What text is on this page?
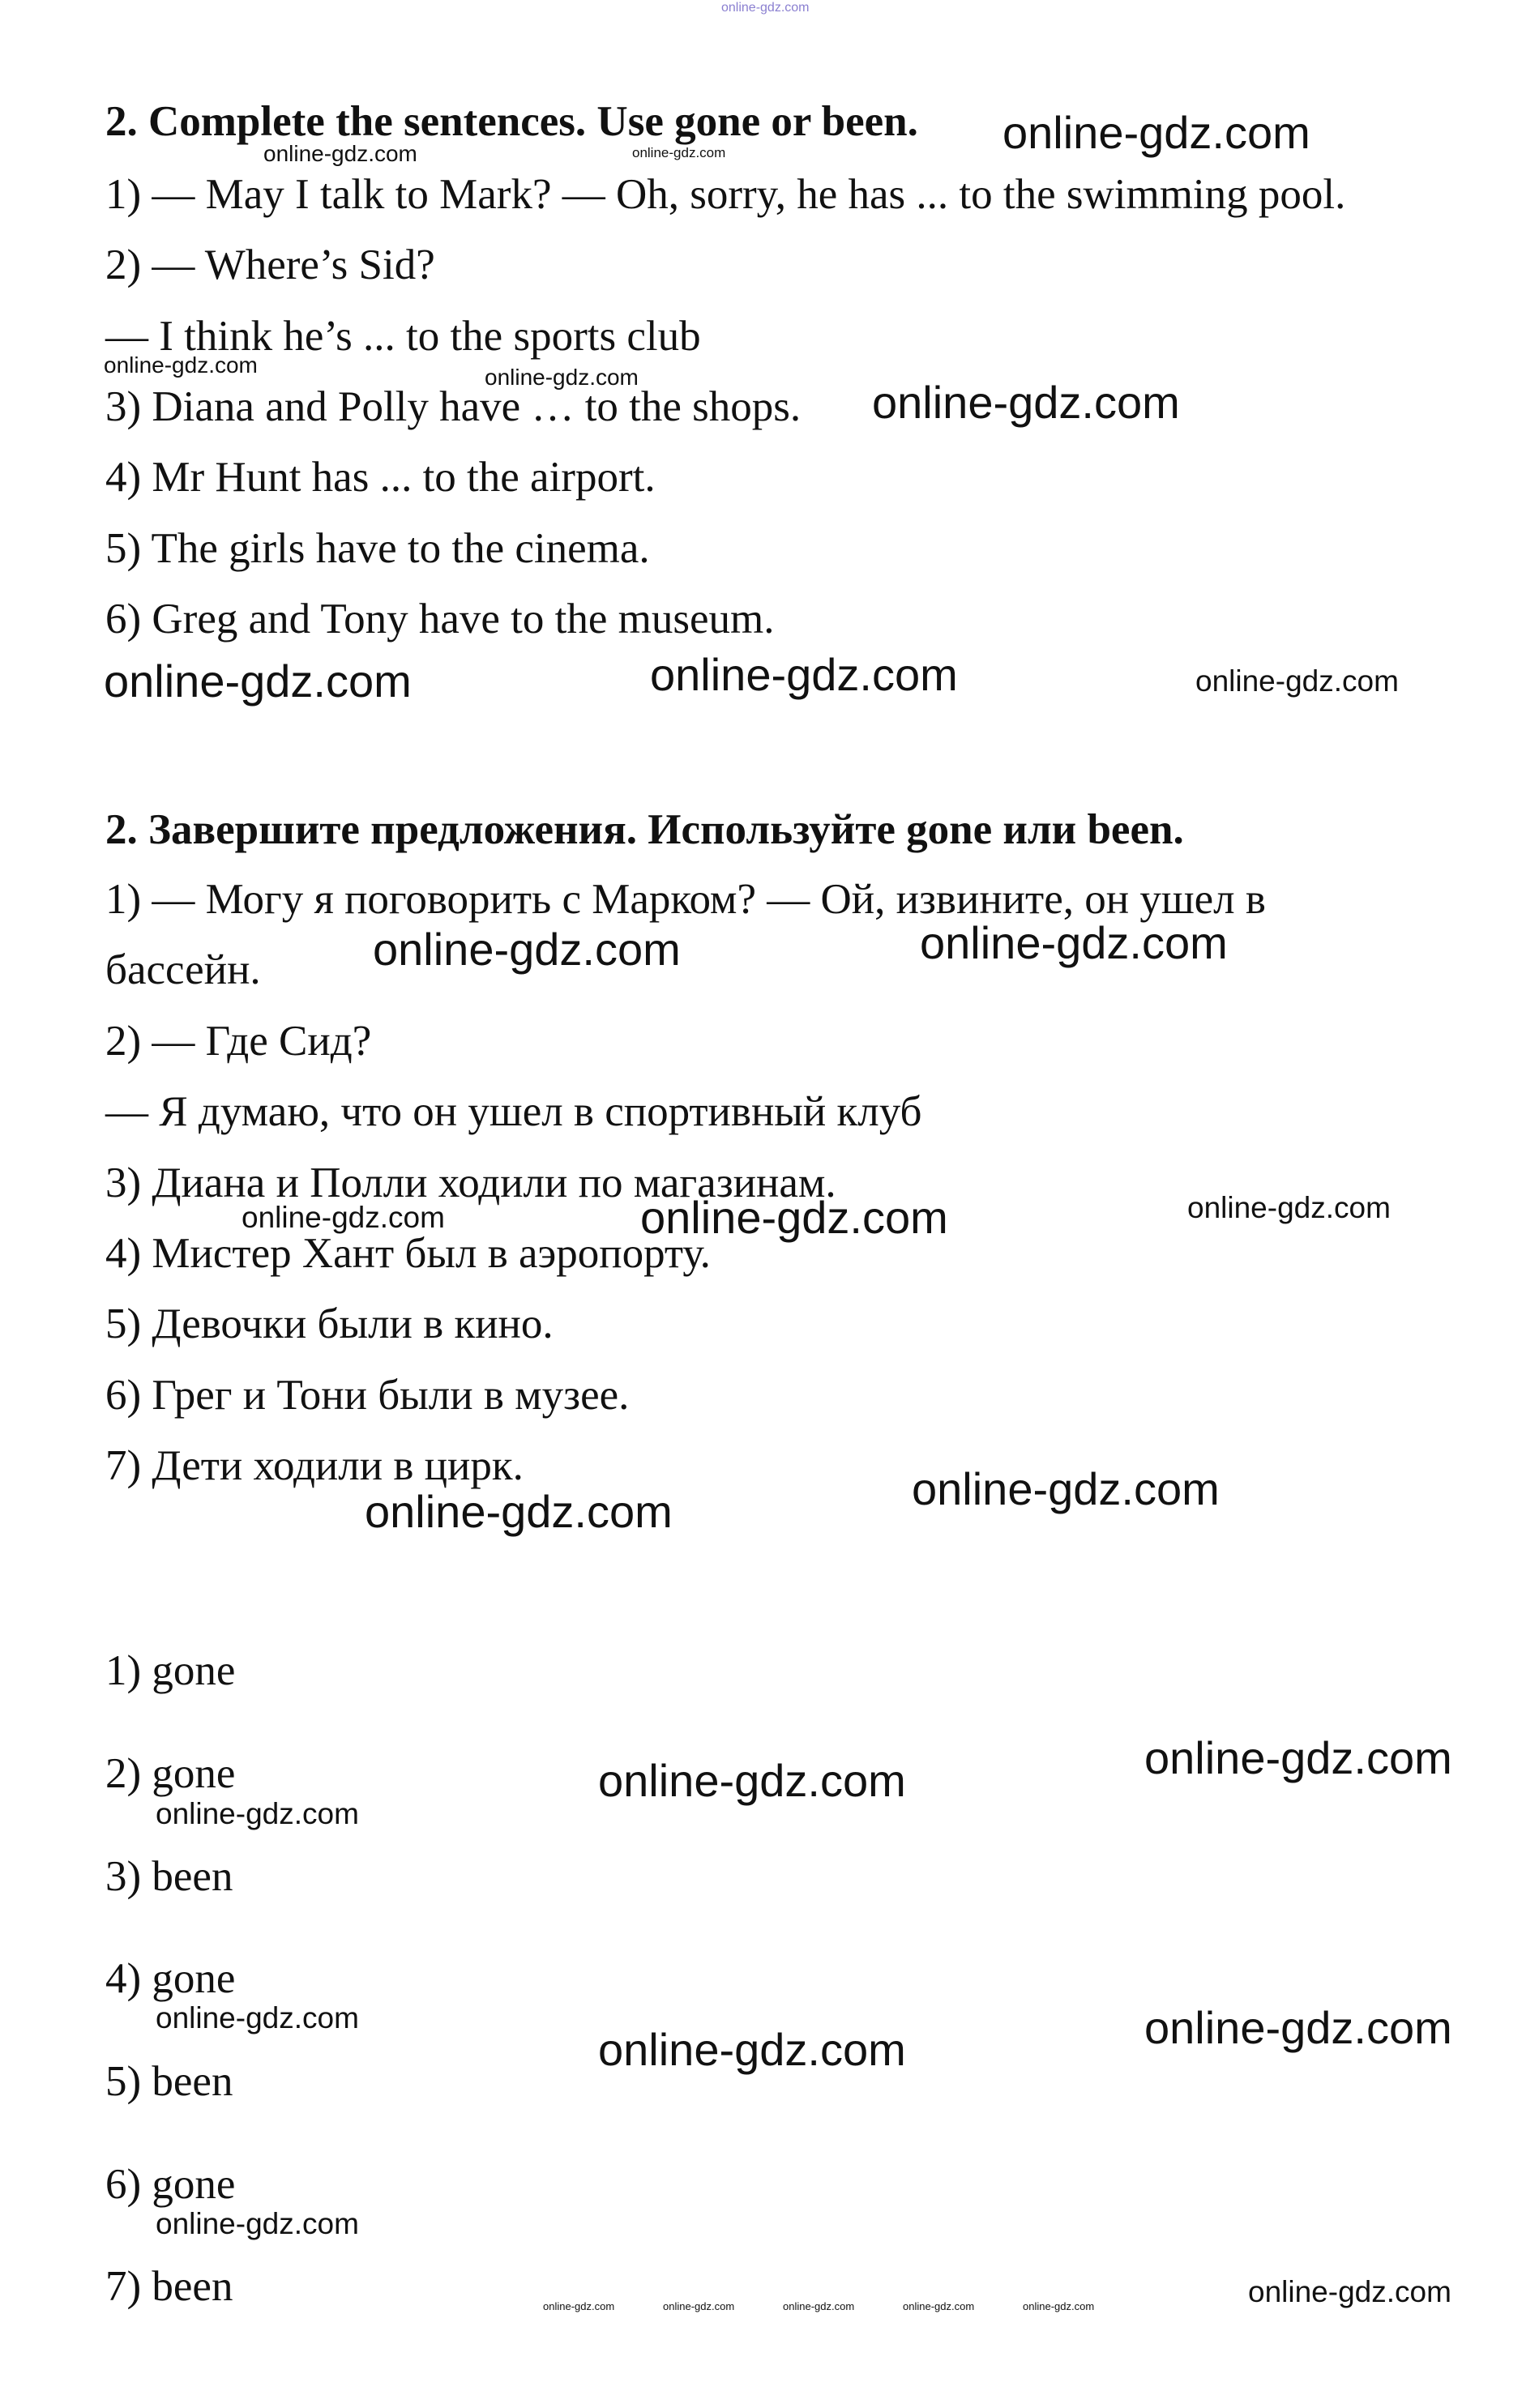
online-gdz.com

2. Complete the sentences. Use gone or been.

1) — May I talk to Mark? — Oh, sorry, he has ... to the swimming pool.

2) — Where’s Sid?

— I think he’s ... to the sports club

3) Diana and Polly have … to the shops.

4) Mr Hunt has ... to the airport.

5) The girls have to the cinema.

6) Greg and Tony have to the museum.

2. Завершите предложения. Используйте gone или been.

1) — Могу я поговорить с Марком? — Ой, извините, он ушел в

бассейн.

2) — Где Сид?

— Я думаю, что он ушел в спортивный клуб

3) Диана и Полли ходили по магазинам.

4) Мистер Хант был в аэропорту.

5) Девочки были в кино.

6) Грег и Тони были в музее.

7) Дети ходили в цирк.

1) gone

2) gone

3) been

4) gone

5) been

6) gone

7) been

online-gdz.com
online-gdz.com	online-gdz.com
online-gdz.com	online-gdz.com	online-gdz.com
online-gdz.com	online-gdz.com	online-gdz.com
online-gdz.com	online-gdz.com
online-gdz.com	online-gdz.com	online-gdz.com
online-gdz.com	online-gdz.com
online-gdz.com
online-gdz.com
online-gdz.com
online-gdz.com
online-gdz.com
online-gdz.com
online-gdz.com
online-gdz.com	online-gdz.com	online-gdz.com	online-gdz.com	online-gdz.com	online-gdz.com
